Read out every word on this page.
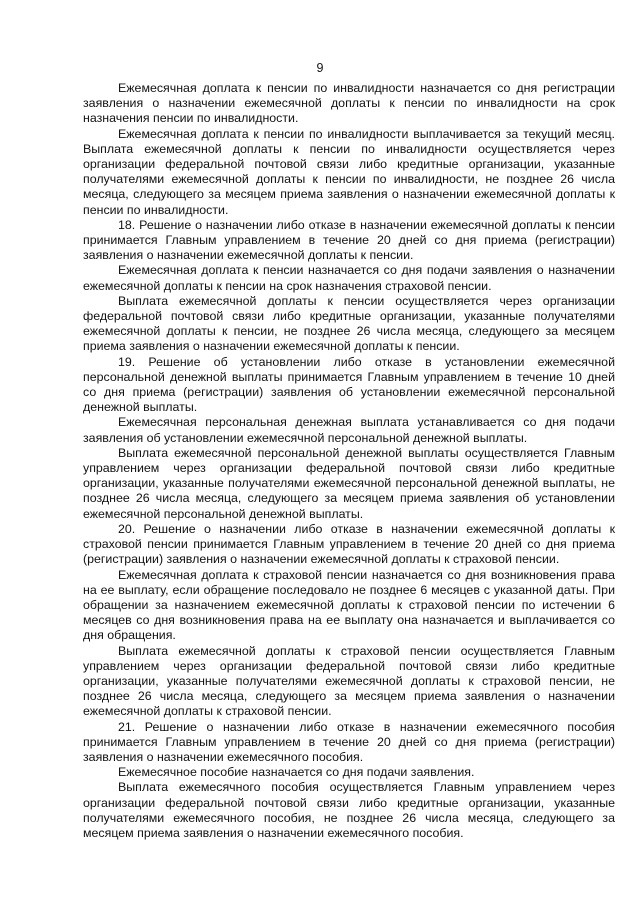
9

Ежемесячная доплата к пенсии по инвалидности назначается со дня регистрации заявления о назначении ежемесячной доплаты к пенсии по инвалидности на срок назначения пенсии по инвалидности.

Ежемесячная доплата к пенсии по инвалидности выплачивается за текущий месяц. Выплата ежемесячной доплаты к пенсии по инвалидности осуществляется через организации федеральной почтовой связи либо кредитные организации, указанные получателями ежемесячной доплаты к пенсии по инвалидности, не позднее 26 числа месяца, следующего за месяцем приема заявления о назначении ежемесячной доплаты к пенсии по инвалидности.

18. Решение о назначении либо отказе в назначении ежемесячной доплаты к пенсии принимается Главным управлением в течение 20 дней со дня приема (регистрации) заявления о назначении ежемесячной доплаты к пенсии.

Ежемесячная доплата к пенсии назначается со дня подачи заявления о назначении ежемесячной доплаты к пенсии на срок назначения страховой пенсии.

Выплата ежемесячной доплаты к пенсии осуществляется через организации федеральной почтовой связи либо кредитные организации, указанные получателями ежемесячной доплаты к пенсии, не позднее 26 числа месяца, следующего за месяцем приема заявления о назначении ежемесячной доплаты к пенсии.

19. Решение об установлении либо отказе в установлении ежемесячной персональной денежной выплаты принимается Главным управлением в течение 10 дней со дня приема (регистрации) заявления об установлении ежемесячной персональной денежной выплаты.

Ежемесячная персональная денежная выплата устанавливается со дня подачи заявления об установлении ежемесячной персональной денежной выплаты.

Выплата ежемесячной персональной денежной выплаты осуществляется Главным управлением через организации федеральной почтовой связи либо кредитные организации, указанные получателями ежемесячной персональной денежной выплаты, не позднее 26 числа месяца, следующего за месяцем приема заявления об установлении ежемесячной персональной денежной выплаты.

20. Решение о назначении либо отказе в назначении ежемесячной доплаты к страховой пенсии принимается Главным управлением в течение 20 дней со дня приема (регистрации) заявления о назначении ежемесячной доплаты к страховой пенсии.

Ежемесячная доплата к страховой пенсии назначается со дня возникновения права на ее выплату, если обращение последовало не позднее 6 месяцев с указанной даты. При обращении за назначением ежемесячной доплаты к страховой пенсии по истечении 6 месяцев со дня возникновения права на ее выплату она назначается и выплачивается со дня обращения.

Выплата ежемесячной доплаты к страховой пенсии осуществляется Главным управлением через организации федеральной почтовой связи либо кредитные организации, указанные получателями ежемесячной доплаты к страховой пенсии, не позднее 26 числа месяца, следующего за месяцем приема заявления о назначении ежемесячной доплаты к страховой пенсии.

21. Решение о назначении либо отказе в назначении ежемесячного пособия принимается Главным управлением в течение 20 дней со дня приема (регистрации) заявления о назначении ежемесячного пособия.

Ежемесячное пособие назначается со дня подачи заявления.

Выплата ежемесячного пособия осуществляется Главным управлением через организации федеральной почтовой связи либо кредитные организации, указанные получателями ежемесячного пособия, не позднее 26 числа месяца, следующего за месяцем приема заявления о назначении ежемесячного пособия.
